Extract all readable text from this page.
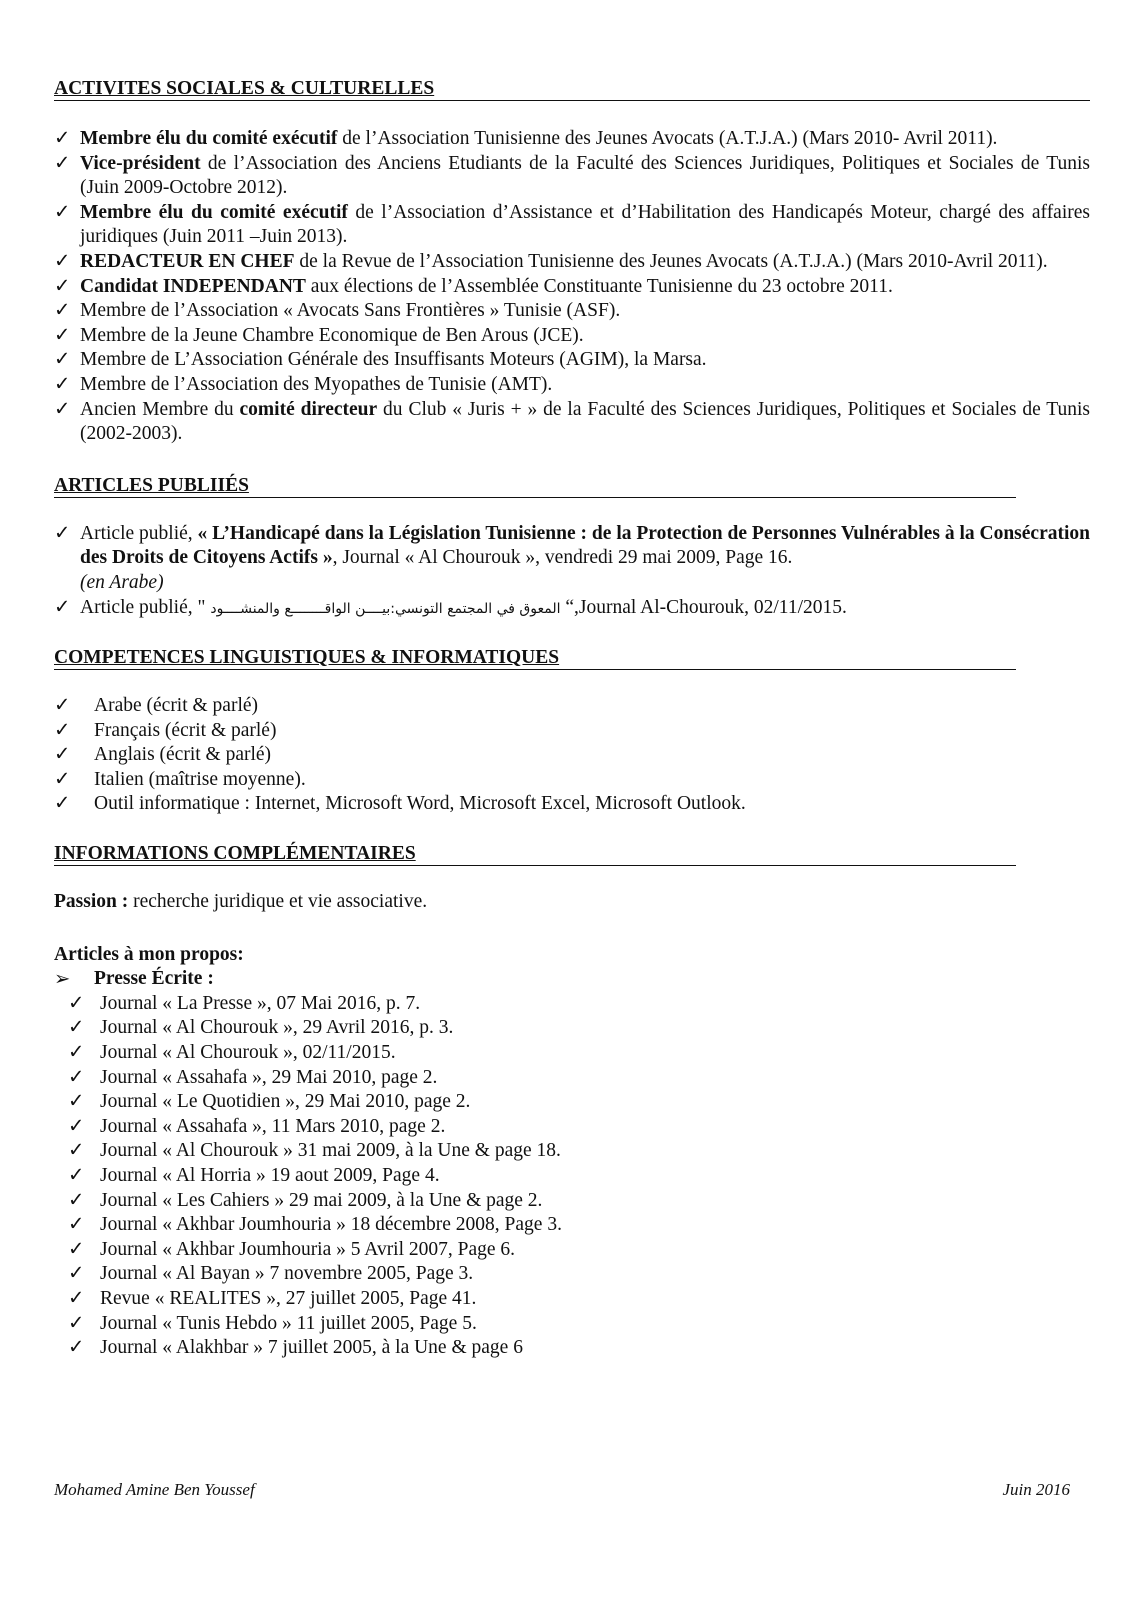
ACTIVITES SOCIALES & CULTURELLES
✓ Membre élu du comité exécutif de l’Association Tunisienne des Jeunes Avocats (A.T.J.A.) (Mars 2010- Avril 2011).
✓ Vice-président de l’Association des Anciens Etudiants de la Faculté des Sciences Juridiques, Politiques et Sociales de Tunis (Juin 2009-Octobre 2012).
✓ Membre élu du comité exécutif de l’Association d’Assistance et d’Habilitation des Handicapés Moteur, chargé des affaires juridiques (Juin 2011 –Juin 2013).
✓ REDACTEUR EN CHEF de la Revue de l’Association Tunisienne des Jeunes Avocats (A.T.J.A.) (Mars 2010-Avril 2011).
✓ Candidat INDEPENDANT aux élections de l’Assemblée Constituante Tunisienne du 23 octobre 2011.
✓ Membre de l’Association « Avocats Sans Frontières » Tunisie (ASF).
✓ Membre de la Jeune Chambre Economique de Ben Arous (JCE).
✓ Membre de L’Association Générale des Insuffisants Moteurs (AGIM), la Marsa.
✓ Membre de l’Association des Myopathes de Tunisie (AMT).
✓ Ancien Membre du comité directeur du Club « Juris + » de la Faculté des Sciences Juridiques, Politiques et Sociales de Tunis (2002-2003).
ARTICLES PUBLIIÉS
✓ Article publié, « L’Handicapé dans la Législation Tunisienne : de la Protection de Personnes Vulnérables à la Consécration des Droits de Citoyens Actifs », Journal « Al Chourouk », vendredi 29 mai 2009, Page 16.
(en Arabe)
✓ Article publié, " المعوق في المجتمع التونسي:بيــــن الواقــــــــع والمنشــــود “,Journal Al-Chourouk, 02/11/2015.
COMPETENCES LINGUISTIQUES & INFORMATIQUES
✓ Arabe (écrit & parlé)
✓ Français (écrit & parlé)
✓ Anglais (écrit & parlé)
✓ Italien (maîtrise moyenne).
✓ Outil informatique : Internet, Microsoft Word, Microsoft Excel, Microsoft Outlook.
INFORMATIONS COMPLÉMENTAIRES

Passion : recherche juridique et vie associative.

Articles à mon propos:

➢ Presse Écrite :

✓ Journal « La Presse », 07 Mai 2016, p. 7.
✓ Journal « Al Chourouk », 29 Avril 2016, p. 3.
✓ Journal « Al Chourouk », 02/11/2015.
✓ Journal « Assahafa », 29 Mai 2010, page 2.
✓ Journal « Le Quotidien », 29 Mai 2010, page 2.
✓ Journal « Assahafa », 11 Mars 2010, page 2.
✓ Journal « Al Chourouk » 31 mai 2009, à la Une & page 18.
✓ Journal « Al Horria » 19 aout 2009, Page 4.
✓ Journal « Les Cahiers » 29 mai 2009, à la Une & page 2.
✓ Journal « Akhbar Joumhouria » 18 décembre 2008, Page 3.
✓ Journal « Akhbar Joumhouria » 5 Avril 2007, Page 6.
✓ Journal « Al Bayan » 7 novembre 2005, Page 3.
✓ Revue « REALITES », 27 juillet 2005, Page 41.
✓ Journal « Tunis Hebdo » 11 juillet 2005, Page 5.
✓ Journal « Alakhbar » 7 juillet 2005, à la Une & page 6
Mohamed Amine Ben Youssef	Juin 2016
